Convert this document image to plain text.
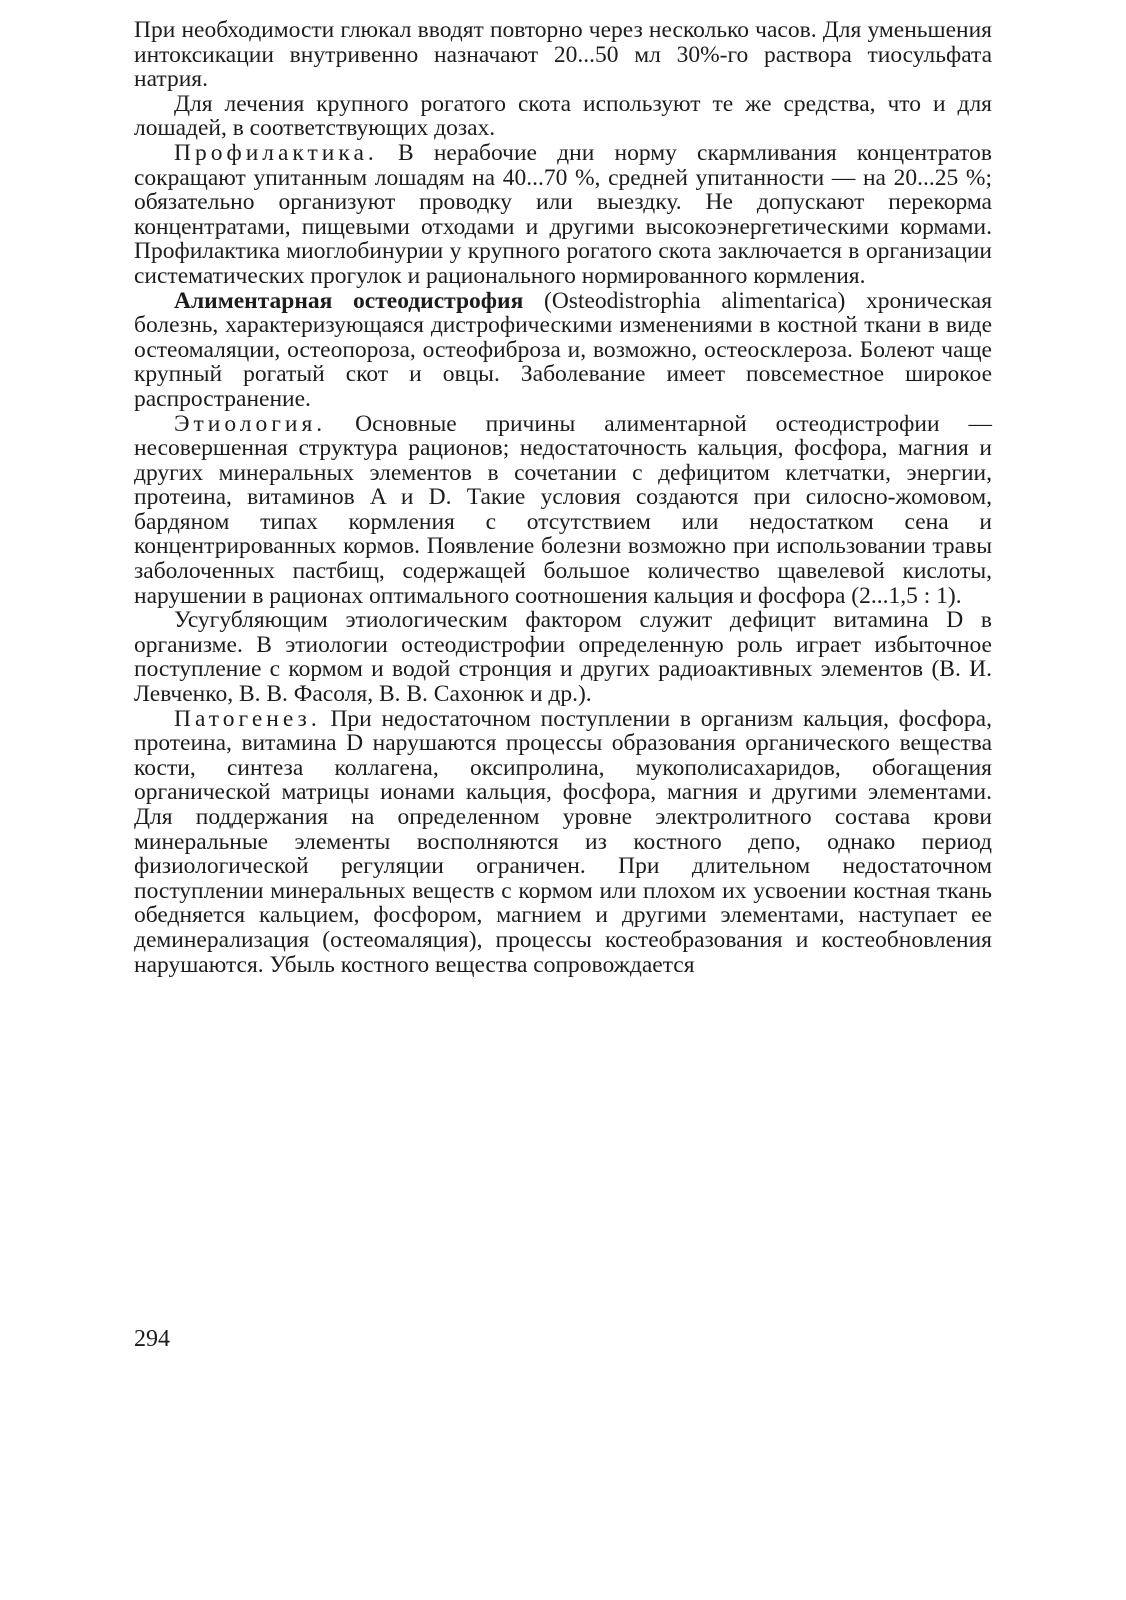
При необходимости глюкал вводят повторно через несколько часов. Для уменьшения интоксикации внутривенно назначают 20...50 мл 30%-го раствора тиосульфата натрия.

Для лечения крупного рогатого скота используют те же средства, что и для лошадей, в соответствующих дозах.

Профилактика. В нерабочие дни норму скармливания концентратов сокращают упитанным лошадям на 40...70 %, средней упитанности — на 20...25 %; обязательно организуют проводку или выездку. Не допускают перекорма концентратами, пищевыми отходами и другими высокоэнергетическими кормами. Профилактика миоглобинурии у крупного рогатого скота заключается в организации систематических прогулок и рационального нормированного кормления.

Алиментарная остеодистрофия (Osteodistrophia alimentarica) хроническая болезнь, характеризующаяся дистрофическими изменениями в костной ткани в виде остеомаляции, остеопороза, остеофиброза и, возможно, остеосклероза. Болеют чаще крупный рогатый скот и овцы. Заболевание имеет повсеместное широкое распространение.

Этиология. Основные причины алиментарной остеодистрофии — несовершенная структура рационов; недостаточность кальция, фосфора, магния и других минеральных элементов в сочетании с дефицитом клетчатки, энергии, протеина, витаминов A и D. Такие условия создаются при силосно-жомовом, бардяном типах кормления с отсутствием или недостатком сена и концентрированных кормов. Появление болезни возможно при использовании травы заболоченных пастбищ, содержащей большое количество щавелевой кислоты, нарушении в рационах оптимального соотношения кальция и фосфора (2...1,5 : 1).

Усугубляющим этиологическим фактором служит дефицит витамина D в организме. В этиологии остеодистрофии определенную роль играет избыточное поступление с кормом и водой стронция и других радиоактивных элементов (В. И. Левченко, В. В. Фасоля, В. В. Сахонюк и др.).

Патогенез. При недостаточном поступлении в организм кальция, фосфора, протеина, витамина D нарушаются процессы образования органического вещества кости, синтеза коллагена, оксипролина, мукополисахаридов, обогащения органической матрицы ионами кальция, фосфора, магния и другими элементами. Для поддержания на определенном уровне электролитного состава крови минеральные элементы восполняются из костного депо, однако период физиологической регуляции ограничен. При длительном недостаточном поступлении минеральных веществ с кормом или плохом их усвоении костная ткань обедняется кальцием, фосфором, магнием и другими элементами, наступает ее деминерализация (остеомаляция), процессы костеобразования и костеобновления нарушаются. Убыль костного вещества сопровождается

294
